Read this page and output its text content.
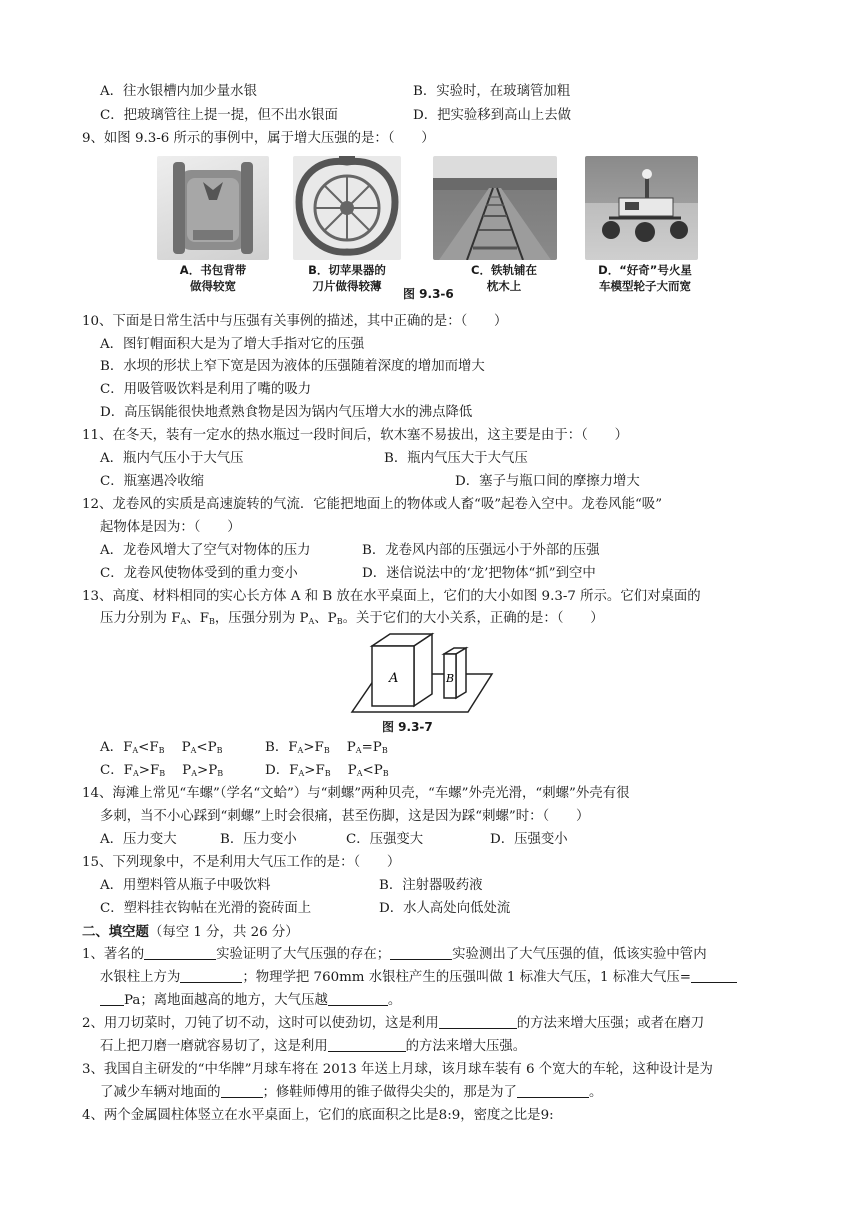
A．往水银槽内加少量水银	B．实验时，在玻璃管加粗
C．把玻璃管往上提一提，但不出水银面	D．把实验移到高山上去做
9、如图 9.3-6 所示的事例中，属于增大压强的是：（　　）
A．书包背带
做得较宽
B．切苹果器的
刀片做得较薄
图 9.3-6
C．铁轨铺在
枕木上
D．“好奇”号火星
车模型轮子大而宽
10、下面是日常生活中与压强有关事例的描述，其中正确的是：（　　）
A．图钉帽面积大是为了增大手指对它的压强
B．水坝的形状上窄下宽是因为液体的压强随着深度的增加而增大
C．用吸管吸饮料是利用了嘴的吸力
D．高压锅能很快地煮熟食物是因为锅内气压增大水的沸点降低
11、在冬天，装有一定水的热水瓶过一段时间后，软木塞不易拔出，这主要是由于：（　　）
A．瓶内气压小于大气压	B．瓶内气压大于大气压
C．瓶塞遇冷收缩	D．塞子与瓶口间的摩擦力增大
12、龙卷风的实质是高速旋转的气流．它能把地面上的物体或人畜“吸”起卷入空中。龙卷风能“吸”
起物体是因为：（　　）
A．龙卷风增大了空气对物体的压力	B．龙卷风内部的压强远小于外部的压强
C．龙卷风使物体受到的重力变小	D．迷信说法中的‘龙’把物体“抓”到空中
13、高度、材料相同的实心长方体 A 和 B 放在水平桌面上，它们的大小如图 9.3-7 所示。它们对桌面的
压力分别为 $F_A$、$F_B$，压强分别为 $P_A$、$P_B$。关于它们的大小关系，正确的是：（　　）
A	B
图 9.3-7
A．$F_A<F_B$ $P_A<P_B$	B．$F_A>F_B$ $P_A=P_B$
C．$F_A>F_B$ $P_A>P_B$	D．$F_A>F_B$ $P_A<P_B$
14、海滩上常见“车螺”（学名“文蛤”）与“刺螺”两种贝壳，“车螺”外壳光滑，“刺螺”外壳有很
多刺，当不小心踩到“刺螺”上时会很痛，甚至伤脚，这是因为踩“刺螺”时：（　　）
A．压力变大	B．压力变小	C．压强变大	D．压强变小
15、下列现象中，不是利用大气压工作的是：（　　）
A．用塑料管从瓶子中吸饮料	B．注射器吸药液
C．塑料挂衣钩帖在光滑的瓷砖面上	D．水人高处向低处流
二、填空题（每空 1 分，共 26 分）
1、著名的	实验证明了大气压强的存在；	实验测出了大气压强的值，低该实验中管内
水银柱上方为	；物理学把 760mm 水银柱产生的压强叫做 1 标准大气压，1 标准大气压=
Pa；离地面越高的地方，大气压越	。
2、用刀切菜时，刀钝了切不动，这时可以使劲切，这是利用	的方法来增大压强；或者在磨刀
石上把刀磨一磨就容易切了，这是利用	的方法来增大压强。
3、我国自主研发的“中华牌”月球车将在 2013 年送上月球，该月球车装有 6 个宽大的车轮，这种设计是为
了减少车辆对地面的	；修鞋师傅用的锥子做得尖尖的，那是为了	。
4、两个金属圆柱体竖立在水平桌面上，它们的底面积之比是8:9，密度之比是9:
